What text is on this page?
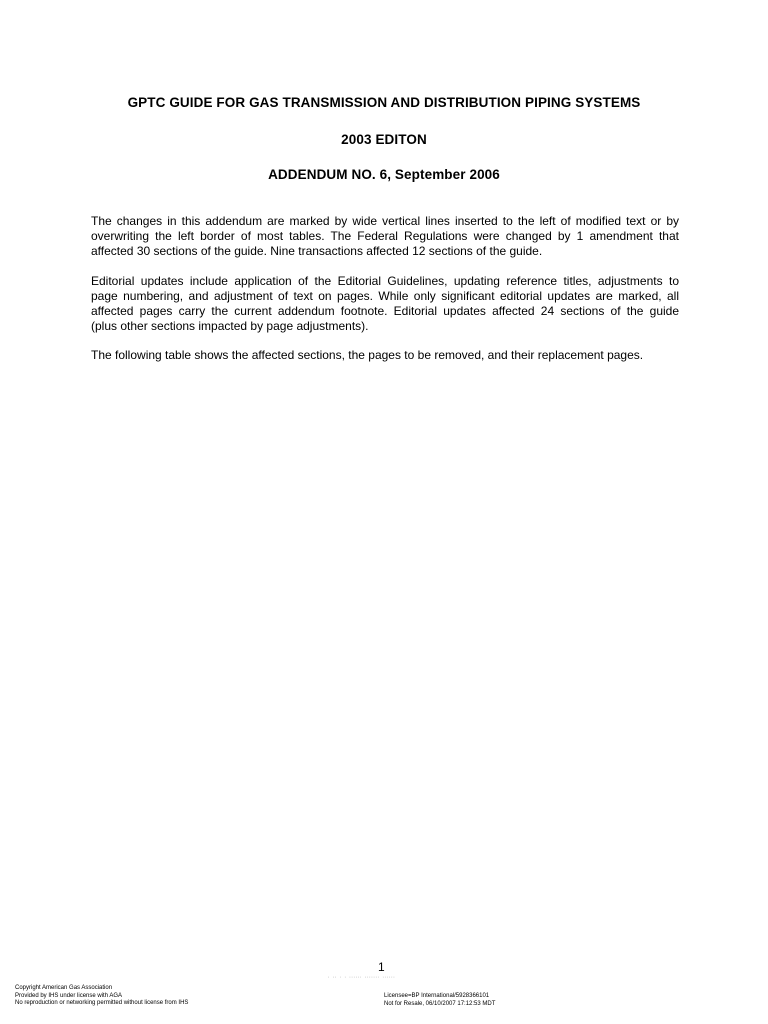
GPTC GUIDE FOR GAS TRANSMISSION AND DISTRIBUTION PIPING SYSTEMS
2003 EDITON
ADDENDUM NO. 6, September 2006
The changes in this addendum are marked by wide vertical lines inserted to the left of modified text or by
overwriting the left border of most tables. The Federal Regulations were changed by 1 amendment that
affected 30 sections of the guide. Nine transactions affected 12 sections of the guide.
Editorial updates include application of the Editorial Guidelines, updating reference titles, adjustments to
page numbering, and adjustment of text on pages. While only significant editorial updates are marked, all
affected pages carry the current addendum footnote. Editorial updates affected 24 sections of the guide
(plus other sections impacted by page adjustments).
The following table shows the affected sections, the pages to be removed, and their replacement pages.
1
' '' ' ' '''''' ''''''' ''''''
Copyright American Gas Association
Provided by IHS under license with AGA
No reproduction or networking permitted without license from IHS
Licensee=BP International/5928366101
Not for Resale, 06/10/2007 17:12:53 MDT
